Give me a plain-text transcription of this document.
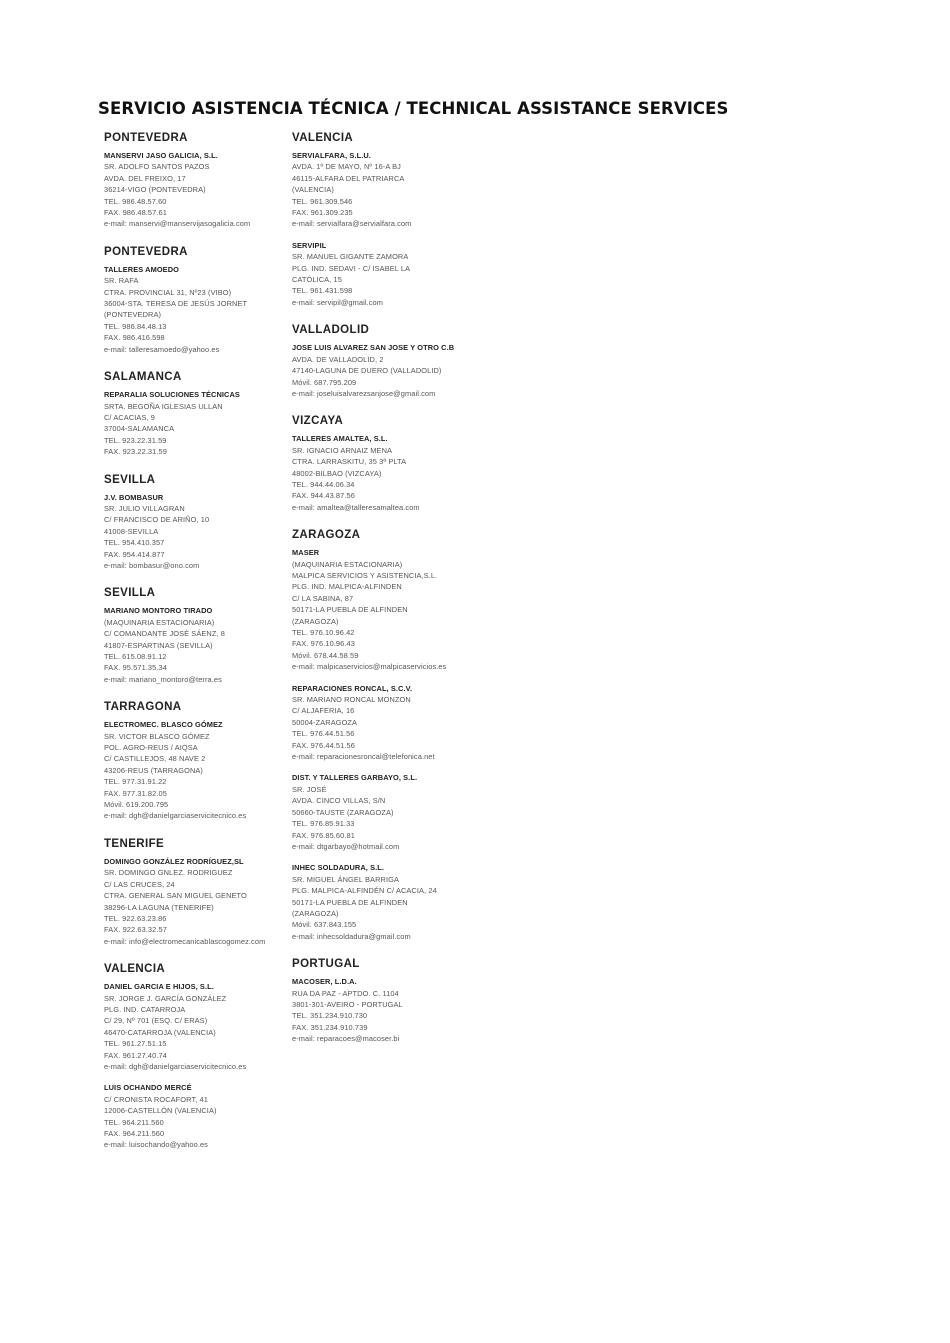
SERVICIO ASISTENCIA TÉCNICA / TECHNICAL ASSISTANCE SERVICES
PONTEVEDRA
MANSERVI JASO GALICIA, S.L.
SR. ADOLFO SANTOS PAZOS
AVDA. DEL FREIXO, 17
36214-VIGO (PONTEVEDRA)
TEL. 986.48.57.60
FAX. 986.48.57.61
e-mail: manservi@manservijasogalicia.com
PONTEVEDRA
TALLERES AMOEDO
SR. RAFA
CTRA. PROVINCIAL 31, Nº23 (VIBO)
36004-STA. TERESA DE JESÚS JORNET
(PONTEVEDRA)
TEL. 986.84.48.13
FAX. 986.416.598
e-mail: talleresamoedo@yahoo.es
SALAMANCA
REPARALIA SOLUCIONES TÉCNICAS
SRTA. BEGOÑA IGLESIAS ULLAN
C/ ACACIAS, 9
37004-SALAMANCA
TEL. 923.22.31.59
FAX. 923.22.31.59
SEVILLA
J.V. BOMBASUR
SR. JULIO VILLAGRAN
C/ FRANCISCO DE ARIÑO, 10
41008-SEVILLA
TEL. 954.410.357
FAX. 954.414.877
e-mail: bombasur@ono.com
SEVILLA
MARIANO MONTORO TIRADO
(MAQUINARIA ESTACIONARIA)
C/ COMANDANTE JOSÉ SÁENZ, 8
41807-ESPARTINAS (SEVILLA)
TEL. 615.08.91.12
FAX. 95.571.35.34
e-mail: mariano_montoro@terra.es
TARRAGONA
ELECTROMEC. BLASCO GÓMEZ
SR. VICTOR BLASCO GÓMEZ
POL. AGRO-REUS / AIQSA
C/ CASTILLEJOS, 48 NAVE 2
43206-REUS (TARRAGONA)
TEL. 977.31.91.22
FAX. 977.31.82.05
Móvil. 619.200.795
e-mail: dgh@danielgarciaservicitecnico.es
TENERIFE
DOMINGO GONZÁLEZ RODRÍGUEZ,SL
SR. DOMINGO GNLEZ. RODRIGUEZ
C/ LAS CRUCES, 24
CTRA. GENERAL SAN MIGUEL GENETO
38296-LA LAGUNA (TENERIFE)
TEL. 922.63.23.86
FAX. 922.63.32.57
e-mail: info@electromecanicablascogomez.com
VALENCIA
DANIEL GARCIA E HIJOS, S.L.
SR. JORGE J. GARCÍA GONZÁLEZ
PLG. IND. CATARROJA
C/ 29, Nº 701 (ESQ. C/ ERAS)
46470-CATARROJA (VALENCIA)
TEL. 961.27.51.15
FAX. 961.27.40.74
e-mail: dgh@danielgarciaservicitecnico.es
LUIS OCHANDO MERCÉ
C/ CRONISTA ROCAFORT, 41
12006-CASTELLÓN (VALENCIA)
TEL. 964.211.560
FAX. 964.211.560
e-mail: luisochando@yahoo.es
VALENCIA
SERVIALFARA, S.L.U.
AVDA. 1º DE MAYO, Nº 16-A BJ
46115-ALFARA DEL PATRIARCA
(VALENCIA)
TEL. 961.309.546
FAX. 961.309.235
e-mail: servialfara@servialfara.com
SERVIPIL
SR. MANUEL GIGANTE ZAMORA
PLG. IND. SEDAVI - C/ ISABEL LA
CATÓLICA, 15
TEL. 961.431.598
e-mail: servipil@gmail.com
VALLADOLID
JOSE LUIS ALVAREZ SAN JOSE Y OTRO C.B
AVDA. DE VALLADOLID, 2
47140-LAGUNA DE DUERO (VALLADOLID)
Móvil. 687.795.209
e-mail: joseluisalvarezsanjose@gmail.com
VIZCAYA
TALLERES AMALTEA, S.L.
SR. IGNACIO ARNAIZ MENA
CTRA. LARRASKITU, 35 3ª PLTA
48002-BILBAO (VIZCAYA)
TEL. 944.44.06.34
FAX. 944.43.87.56
e-mail: amaltea@talleresamaltea.com
ZARAGOZA
MASER
(MAQUINARIA ESTACIONARIA)
MALPICA SERVICIOS Y ASISTENCIA,S.L.
PLG. IND. MALPICA-ALFINDEN
C/ LA SABINA, 87
50171-LA PUEBLA DE ALFINDEN
(ZARAGOZA)
TEL. 976.10.96.42
FAX. 976.10.96.43
Móvil. 678.44.58.59
e-mail: malpicaservicios@malpicaservicios.es
REPARACIONES RONCAL, S.C.V.
SR. MARIANO RONCAL MONZON
C/ ALJAFERIA, 16
50004-ZARAGOZA
TEL. 976.44.51.56
FAX. 976.44.51.56
e-mail: reparacionesroncal@telefonica.net
DIST. Y TALLERES GARBAYO, S.L.
SR. JOSÉ
AVDA. CINCO VILLAS, S/N
50660-TAUSTE (ZARAGOZA)
TEL. 976.85.91.33
FAX. 976.85.60.81
e-mail: dtgarbayo@hotmail.com
INHEC SOLDADURA, S.L.
SR. MIGUEL ÁNGEL BARRIGA
PLG. MALPICA-ALFINDÉN C/ ACACIA, 24
50171-LA PUEBLA DE ALFINDEN
(ZARAGOZA)
Móvil. 637.843.155
e-mail: inhecsoldadura@gmail.com
PORTUGAL
MACOSER, L.D.A.
RUA DA PAZ - APTDO. C. 1104
3801-301-AVEIRO - PORTUGAL
TEL. 351.234.910.730
FAX. 351.234.910.739
e-mail: reparacoes@macoser.bi
